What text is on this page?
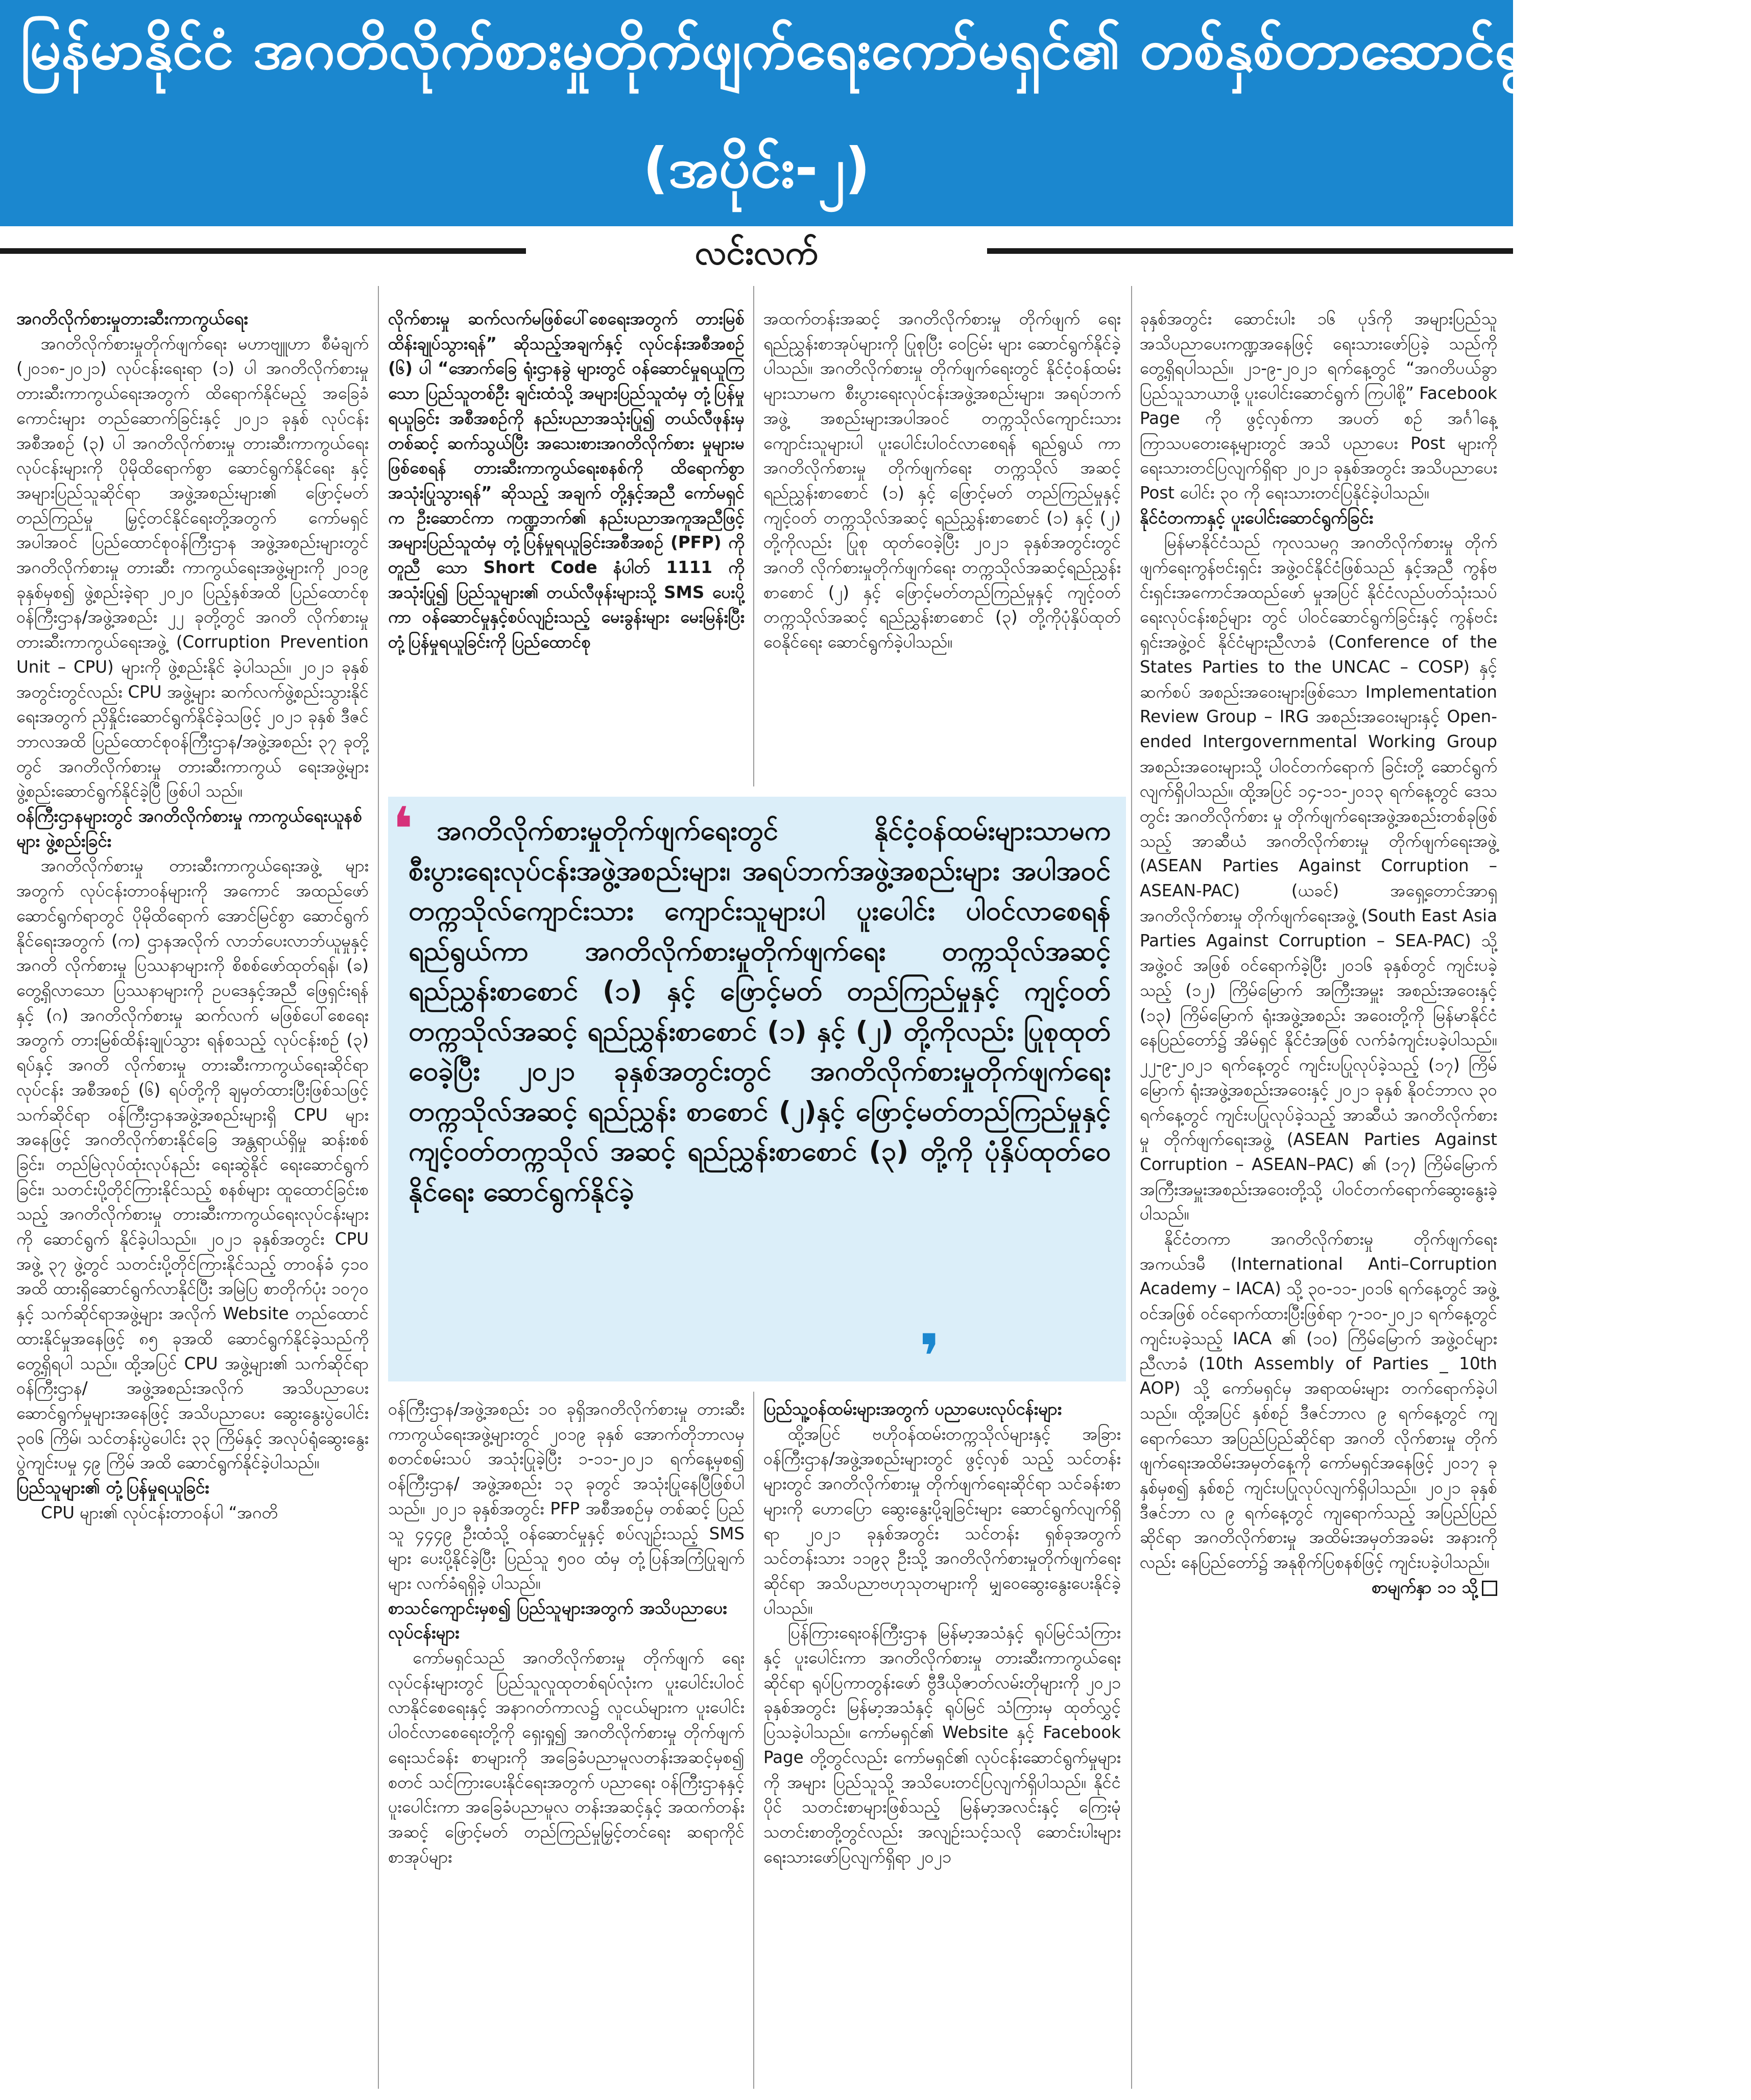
မြန်မာနိုင်ငံ အဂတိလိုက်စားမှုတိုက်ဖျက်ရေးကော်မရှင်၏ တစ်နှစ်တာဆောင်ရွက်ချက်များ
(အပိုင်း-၂)
လင်းလက်
အဂတိလိုက်စားမှုတားဆီးကာကွယ်ရေး

အဂတိလိုက်စားမှုတိုက်ဖျက်ရေး မဟာဗျူဟာ စီမံချက် (၂၀၁၈-၂၀၂၁) လုပ်ငန်းရေးရာ (၁) ပါ အဂတိလိုက်စားမှု တားဆီးကာကွယ်ရေးအတွက် ထိရောက်နိုင်မည့် အခြေခံကောင်းများ တည်ဆောက်ခြင်းနှင့် ၂၀၂၁ ခုနှစ် လုပ်ငန်းအစီအစဉ် (၃) ပါ အဂတိလိုက်စားမှု တားဆီးကာကွယ်ရေး လုပ်ငန်းများကို ပိုမိုထိရောက်စွာ ဆောင်ရွက်နိုင်ရေး နှင့် အများပြည်သူဆိုင်ရာ အဖွဲ့အစည်းများ၏ ဖြောင့်မတ်တည်ကြည်မှု မြှင့်တင်နိုင်ရေးတို့အတွက် ကော်မရှင်အပါအဝင် ပြည်ထောင်စုဝန်ကြီးဌာန အဖွဲ့အစည်းများတွင် အဂတိလိုက်စားမှု တားဆီး ကာကွယ်ရေးအဖွဲ့များကို ၂၀၁၉ ခုနှစ်မှစ၍ ဖွဲ့စည်းခဲ့ရာ ၂၀၂၀ ပြည့်နှစ်အထိ ပြည်ထောင်စု ဝန်ကြီးဌာန/အဖွဲ့အစည်း ၂၂ ခုတို့တွင် အဂတိ လိုက်စားမှု တားဆီးကာကွယ်ရေးအဖွဲ့ (Corruption Prevention Unit – CPU) များကို ဖွဲ့စည်းနိုင် ခဲ့ပါသည်။ ၂၀၂၁ ခုနှစ်အတွင်းတွင်လည်း CPU အဖွဲ့များ ဆက်လက်ဖွဲ့စည်းသွားနိုင်ရေးအတွက် ညှိနှိုင်းဆောင်ရွက်နိုင်ခဲ့သဖြင့် ၂၀၂၁ ခုနှစ် ဒီဇင် ဘာလအထိ ပြည်ထောင်စုဝန်ကြီးဌာန/အဖွဲ့အစည်း ၃၇ ခုတို့တွင် အဂတိလိုက်စားမှု တားဆီးကာကွယ် ရေးအဖွဲ့များ ဖွဲ့စည်းဆောင်ရွက်နိုင်ခဲ့ပြီ ဖြစ်ပါ သည်။

ဝန်ကြီးဌာနများတွင် အဂတိလိုက်စားမှု ကာကွယ်ရေးယူနစ်များ ဖွဲ့စည်းခြင်း

အဂတိလိုက်စားမှု တားဆီးကာကွယ်ရေးအဖွဲ့ များအတွက် လုပ်ငန်းတာဝန်များကို အကောင် အထည်ဖော်ဆောင်ရွက်ရာတွင် ပိုမိုထိရောက် အောင်မြင်စွာ ဆောင်ရွက်နိုင်ရေးအတွက် (က) ဌာနအလိုက် လာဘ်ပေးလာဘ်ယူမှုနှင့် အဂတိ လိုက်စားမှု ပြဿနာများကို စိစစ်ဖော်ထုတ်ရန်၊ (ခ) တွေ့ရှိလာသော ပြဿနာများကို ဥပဒေနှင့်အညီ ဖြေရှင်းရန်နှင့် (ဂ) အဂတိလိုက်စားမှု ဆက်လက် မဖြစ်ပေါ်စေရေးအတွက် တားမြစ်ထိန်းချုပ်သွား ရန်စသည့် လုပ်ငန်းစဉ် (၃) ရပ်နှင့် အဂတိ လိုက်စားမှု တားဆီးကာကွယ်ရေးဆိုင်ရာ လုပ်ငန်း အစီအစဉ် (၆) ရပ်တို့ကို ချမှတ်ထားပြီးဖြစ်သဖြင့် သက်ဆိုင်ရာ ဝန်ကြီးဌာနအဖွဲ့အစည်းများရှိ CPU များအနေဖြင့် အဂတိလိုက်စားနိုင်ခြေ အန္တရာယ်ရှိမှု ဆန်းစစ်ခြင်း၊ တည်မြဲလုပ်ထုံးလုပ်နည်း ရေးဆွဲနိုင် ရေးဆောင်ရွက်ခြင်း၊ သတင်းပို့တိုင်ကြားနိုင်သည့် စနစ်များ ထူထောင်ခြင်းစသည့် အဂတိလိုက်စားမှု တားဆီးကာကွယ်ရေးလုပ်ငန်းများကို ဆောင်ရွက် နိုင်ခဲ့ပါသည်။ ၂၀၂၁ ခုနှစ်အတွင်း CPU အဖွဲ့ ၃၇ ဖွဲ့တွင် သတင်းပို့တိုင်ကြားနိုင်သည့် တာဝန်ခံ ၄၁၀ အထိ ထားရှိဆောင်ရွက်လာနိုင်ပြီး အမြဲပြ စာတိုက်ပုံး ၁၀၇၀ နှင့် သက်ဆိုင်ရာအဖွဲ့များ အလိုက် Website တည်ထောင်ထားနိုင်မှုအနေဖြင့် ၈၅ ခုအထိ ဆောင်ရွက်နိုင်ခဲ့သည်ကို တွေ့ရှိရပါ သည်။ ထို့အပြင် CPU အဖွဲ့များ၏ သက်ဆိုင်ရာ ဝန်ကြီးဌာန/ အဖွဲ့အစည်းအလိုက် အသိပညာပေး ဆောင်ရွက်မှုများအနေဖြင့် အသိပညာပေး ဆွေးနွေးပွဲပေါင်း ၃၀၆ ကြိမ်၊ သင်တန်းပွဲပေါင်း ၃၃ ကြိမ်နှင့် အလုပ်ရုံဆွေးနွေးပွဲကျင်းပမှု ၄၉ ကြိမ် အထိ ဆောင်ရွက်နိုင်ခဲ့ပါသည်။

ပြည်သူများ၏ တုံ့ပြန်မှုရယူခြင်း

CPU များ၏ လုပ်ငန်းတာဝန်ပါ “အဂတိ

လိုက်စားမှု ဆက်လက်မဖြစ်ပေါ်စေရေးအတွက် တားမြစ်ထိန်းချုပ်သွားရန်” ဆိုသည့်အချက်နှင့် လုပ်ငန်းအစီအစဉ် (၆) ပါ “အောက်ခြေ ရုံးဌာနခွဲ များတွင် ဝန်ဆောင်မှုရယူကြသော ပြည်သူတစ်ဦး ချင်းထံသို့ အများပြည်သူထံမှ တုံ့ပြန်မှုရယူခြင်း အစီအစဉ်ကို နည်းပညာအသုံးပြု၍ တယ်လီဖုန်းမှ တစ်ဆင့် ဆက်သွယ်ပြီး အသေးစားအဂတိလိုက်စား မှုများမဖြစ်စေရန် တားဆီးကာကွယ်ရေးစနစ်ကို ထိရောက်စွာ အသုံးပြုသွားရန်” ဆိုသည့် အချက် တို့နှင့်အညီ ကော်မရှင်က ဦးဆောင်ကာ ကဏ္ဍဘက်၏ နည်းပညာအကူအညီဖြင့် အများပြည်သူထံမှ တုံ့ပြန်မှုရယူခြင်းအစီအစဉ် (PFP) ကို တူညီ သော Short Code နံပါတ် 1111 ကို အသုံးပြု၍ ပြည်သူများ၏ တယ်လီဖုန်းများသို့ SMS ပေးပို့ ကာ ဝန်ဆောင်မှုနှင့်စပ်လျဉ်းသည့် မေးခွန်းများ မေးမြန်းပြီး တုံ့ပြန်မှုရယူခြင်းကို ပြည်ထောင်စု

အထက်တန်းအဆင့် အဂတိလိုက်စားမှု တိုက်ဖျက် ရေး ရည်ညွှန်းစာအုပ်များကို ပြုစုပြီး ဝေငြမ်း များ ဆောင်ရွက်နိုင်ခဲ့ပါသည်။ အဂတိလိုက်စားမှု တိုက်ဖျက်ရေးတွင် နိုင်ငံ့ဝန်ထမ်းများသာမက စီးပွားရေးလုပ်ငန်းအဖွဲ့အစည်းများ၊ အရပ်ဘက်အဖွဲ့ အစည်းများအပါအဝင် တက္ကသိုလ်ကျောင်းသား ကျောင်းသူများပါ ပူးပေါင်းပါဝင်လာစေရန် ရည်ရွယ် ကာ အဂတိလိုက်စားမှု တိုက်ဖျက်ရေး တက္ကသိုလ် အဆင့် ရည်ညွှန်းစာစောင် (၁) နှင့် ဖြောင့်မတ် တည်ကြည်မှုနှင့် ကျင့်ဝတ် တက္ကသိုလ်အဆင့် ရည်ညွှန်းစာစောင် (၁) နှင့် (၂) တို့ကိုလည်း ပြုစု ထုတ်ဝေခဲ့ပြီး ၂၀၂၁ ခုနှစ်အတွင်းတွင် အဂတိ လိုက်စားမှုတိုက်ဖျက်ရေး တက္ကသိုလ်အဆင့်ရည်ညွှန်း စာစောင် (၂) နှင့် ဖြောင့်မတ်တည်ကြည်မှုနှင့် ကျင့်ဝတ်တက္ကသိုလ်အဆင့် ရည်ညွှန်းစာစောင် (၃) တို့ကိုပုံနှိပ်ထုတ်ဝေနိုင်ရေး ဆောင်ရွက်ခဲ့ပါသည်။

❛ အဂတိလိုက်စားမှုတိုက်ဖျက်ရေးတွင် နိုင်ငံ့ဝန်ထမ်းများသာမက စီးပွားရေးလုပ်ငန်းအဖွဲ့အစည်းများ၊ အရပ်ဘက်အဖွဲ့အစည်းများ အပါအဝင် တက္ကသိုလ်ကျောင်းသား ကျောင်းသူများပါ ပူးပေါင်း ပါဝင်လာစေရန်ရည်ရွယ်ကာ အဂတိလိုက်စားမှုတိုက်ဖျက်ရေး တက္ကသိုလ်အဆင့် ရည်ညွှန်းစာစောင် (၁) နှင့် ဖြောင့်မတ် တည်ကြည်မှုနှင့် ကျင့်ဝတ်တက္ကသိုလ်အဆင့် ရည်ညွှန်းစာစောင် (၁) နှင့် (၂) တို့ကိုလည်း ပြုစုထုတ်ဝေခဲ့ပြီး ၂၀၂၁ ခုနှစ်အတွင်းတွင် အဂတိလိုက်စားမှုတိုက်ဖျက်ရေး တက္ကသိုလ်အဆင့် ရည်ညွှန်း စာစောင် (၂)နှင့် ဖြောင့်မတ်တည်ကြည်မှုနှင့် ကျင့်ဝတ်တက္ကသိုလ် အဆင့် ရည်ညွှန်းစာစောင် (၃) တို့ကို ပုံနှိပ်ထုတ်ဝေနိုင်ရေး ဆောင်ရွက်နိုင်ခဲ့
❜

ဝန်ကြီးဌာန/အဖွဲ့အစည်း ၁၀ ခုရှိအဂတိလိုက်စားမှု တားဆီးကာကွယ်ရေးအဖွဲ့များတွင် ၂၀၁၉ ခုနှစ် အောက်တိုဘာလမှ စတင်စမ်းသပ် အသုံးပြုခဲ့ပြီး ၁-၁၁-၂၀၂၁ ရက်နေ့မှစ၍ ဝန်ကြီးဌာန/ အဖွဲ့အစည်း ၁၃ ခုတွင် အသုံးပြုနေပြီဖြစ်ပါ သည်။ ၂၀၂၁ ခုနှစ်အတွင်း PFP အစီအစဉ်မှ တစ်ဆင့် ပြည်သူ ၄၄၄၉ ဦးထံသို့ ဝန်ဆောင်မှုနှင့် စပ်လျဉ်းသည့် SMS များ ပေးပို့နိုင်ခဲ့ပြီး ပြည်သူ ၅၀၀ ထံမှ တုံ့ပြန်အကြံပြုချက်များ လက်ခံရရှိခဲ့ ပါသည်။

စာသင်ကျောင်းမှစ၍ ပြည်သူများအတွက် အသိပညာပေးလုပ်ငန်းများ

ကော်မရှင်သည် အဂတိလိုက်စားမှု တိုက်ဖျက် ရေးလုပ်ငန်းများတွင် ပြည်သူလူထုတစ်ရပ်လုံးက ပူးပေါင်းပါဝင်လာနိုင်စေရေးနှင့် အနာဂတ်ကာလ၌ လူငယ်များက ပူးပေါင်းပါဝင်လာစေရေးတို့ကို ရှေးရှု၍ အဂတိလိုက်စားမှု တိုက်ဖျက်ရေးသင်ခန်း စာများကို အခြေခံပညာမူလတန်းအဆင့်မှစ၍ စတင် သင်ကြားပေးနိုင်ရေးအတွက် ပညာရေး ဝန်ကြီးဌာနနှင့် ပူးပေါင်းကာ အခြေခံပညာမူလ တန်းအဆင့်နှင့် အထက်တန်းအဆင့် ဖြောင့်မတ် တည်ကြည်မှုမြှင့်တင်ရေး ဆရာကိုင်စာအုပ်များ

ပြည်သူ့ဝန်ထမ်းများအတွက် ပညာပေးလုပ်ငန်းများ

ထို့အပြင် ဗဟိုဝန်ထမ်းတက္ကသိုလ်များနှင့် အခြားဝန်ကြီးဌာန/အဖွဲ့အစည်းများတွင် ဖွင့်လှစ် သည့် သင်တန်းများတွင် အဂတိလိုက်စားမှု တိုက်ဖျက်ရေးဆိုင်ရာ သင်ခန်းစာများကို ဟောပြော ဆွေးနွေးပို့ချခြင်းများ ဆောင်ရွက်လျက်ရှိရာ ၂၀၂၁ ခုနှစ်အတွင်း သင်တန်း ရှစ်ခုအတွက် သင်တန်းသား ၁၁၉၃ ဦးသို့ အဂတိလိုက်စားမှုတိုက်ဖျက်ရေးဆိုင်ရာ အသိပညာဗဟုသုတများကို မျှဝေဆွေးနွေးပေးနိုင်ခဲ့ ပါသည်။

ပြန်ကြားရေးဝန်ကြီးဌာန မြန်မာ့အသံနှင့် ရုပ်မြင်သံကြားနှင့် ပူးပေါင်းကာ အဂတိလိုက်စားမှု တားဆီးကာကွယ်ရေးဆိုင်ရာ ရုပ်ပြကာတွန်းဖော် ဗွီဒီယိုဇာတ်လမ်းတိုများကို ၂၀၂၁ ခုနှစ်အတွင်း မြန်မာ့အသံနှင့် ရုပ်မြင် သံကြားမှ ထုတ်လွှင့်ပြသခဲ့ပါသည်။ ကော်မရှင်၏ Website နှင့် Facebook Page တို့တွင်လည်း ကော်မရှင်၏ လုပ်ငန်းဆောင်ရွက်မှုများကို အများ ပြည်သူသို့ အသိပေးတင်ပြလျက်ရှိပါသည်။ နိုင်ငံပိုင် သတင်းစာများဖြစ်သည့် မြန်မာ့အလင်းနှင့် ကြေးမုံ သတင်းစာတို့တွင်လည်း အလျဉ်းသင့်သလို ဆောင်းပါးများ ရေးသားဖော်ပြလျက်ရှိရာ ၂၀၂၁

ခုနှစ်အတွင်း ဆောင်းပါး ၁၆ ပုဒ်ကို အများပြည်သူ အသိပညာပေးကဏ္ဍအနေဖြင့် ရေးသားဖော်ပြခဲ့ သည်ကို တွေ့ရှိရပါသည်။ ၂၁-၉-၂၀၂၁ ရက်နေ့တွင် “အဂတိပယ်ခွာ ပြည်သူသာယာဖို့ ပူးပေါင်းဆောင်ရွက် ကြပါစို့” Facebook Page ကို ဖွင့်လှစ်ကာ အပတ် စဉ် အင်္ဂါနေ့ ကြာသပတေးနေ့များတွင် အသိ ပညာပေး Post များကို ရေးသားတင်ပြလျက်ရှိရာ ၂၀၂၁ ခုနှစ်အတွင်း အသိပညာပေး Post ပေါင်း ၃၀ ကို ရေးသားတင်ပြနိုင်ခဲ့ပါသည်။

နိုင်ငံတကာနှင့် ပူးပေါင်းဆောင်ရွက်ခြင်း

မြန်မာနိုင်ငံသည် ကုလသမဂ္ဂ အဂတိလိုက်စားမှု တိုက်ဖျက်ရေးကွန်ဗင်းရှင်း အဖွဲ့ဝင်နိုင်ငံဖြစ်သည် နှင့်အညီ ကွန်ဗင်းရှင်းအကောင်အထည်ဖော် မှုအပြင် နိုင်ငံလည်ပတ်သုံးသပ်ရေးလုပ်ငန်းစဉ်များ တွင် ပါဝင်ဆောင်ရွက်ခြင်းနှင့် ကွန်ဗင်းရှင်းအဖွဲ့ဝင် နိုင်ငံများညီလာခံ (Conference of the States Parties to the UNCAC – COSP) နှင့် ဆက်စပ် အစည်းအဝေးများဖြစ်သော Implementation Review Group – IRG အစည်းအဝေးများနှင့် Open-ended Intergovernmental Working Group အစည်းအဝေးများသို့ ပါဝင်တက်ရောက် ခြင်းတို့ ဆောင်ရွက်လျက်ရှိပါသည်။ ထို့အပြင် ၁၄-၁၁-၂၀၁၃ ရက်နေ့တွင် ဒေသတွင်း အဂတိလိုက်စား မှု တိုက်ဖျက်ရေးအဖွဲ့အစည်းတစ်ခုဖြစ်သည့် အာဆီယံ အဂတိလိုက်စားမှု တိုက်ဖျက်ရေးအဖွဲ့ (ASEAN Parties Against Corruption – ASEAN-PAC) (ယခင်) အရှေ့တောင်အာရှ အဂတိလိုက်စားမှု တိုက်ဖျက်ရေးအဖွဲ့ (South East Asia Parties Against Corruption – SEA-PAC) သို့ အဖွဲ့ဝင် အဖြစ် ဝင်ရောက်ခဲ့ပြီး ၂၀၁၆ ခုနှစ်တွင် ကျင်းပခဲ့သည့် (၁၂) ကြိမ်မြောက် အကြီးအမှူး အစည်းအဝေးနှင့် (၁၃) ကြိမ်မြောက် ရုံးအဖွဲ့အစည်း အဝေးတို့ကို မြန်မာနိုင်ငံ နေပြည်တော်၌ အိမ်ရှင် နိုင်ငံအဖြစ် လက်ခံကျင်းပခဲ့ပါသည်။ ၂၂-၉-၂၀၂၁ ရက်နေ့တွင် ကျင်းပပြုလုပ်ခဲ့သည့် (၁၇) ကြိမ်မြောက် ရုံးအဖွဲ့အစည်းအဝေးနှင့် ၂၀၂၁ ခုနှစ် နိုဝင်ဘာလ ၃၀ ရက်နေ့တွင် ကျင်းပပြုလုပ်ခဲ့သည့် အာဆီယံ အဂတိလိုက်စားမှု တိုက်ဖျက်ရေးအဖွဲ့ (ASEAN Parties Against Corruption – ASEAN–PAC) ၏ (၁၇) ကြိမ်မြောက် အကြီးအမှူးအစည်းအဝေးတို့သို့ ပါဝင်တက်ရောက်ဆွေးနွေးခဲ့ပါသည်။

နိုင်ငံတကာ အဂတိလိုက်စားမှု တိုက်ဖျက်ရေး အကယ်ဒမီ (International Anti–Corruption Academy – IACA) သို့ ၃၀-၁၁-၂၀၁၆ ရက်နေ့တွင် အဖွဲ့ဝင်အဖြစ် ဝင်ရောက်ထားပြီးဖြစ်ရာ ၇-၁၀-၂၀၂၁ ရက်နေ့တွင် ကျင်းပခဲ့သည့် IACA ၏ (၁၀) ကြိမ်မြောက် အဖွဲ့ဝင်များညီလာခံ (10th Assembly of Parties _ 10th AOP) သို့ ကော်မရှင်မှ အရာထမ်းများ တက်ရောက်ခဲ့ပါ သည်။ ထို့အပြင် နှစ်စဉ် ဒီဇင်ဘာလ ၉ ရက်နေ့တွင် ကျရောက်သော အပြည်ပြည်ဆိုင်ရာ အဂတိ လိုက်စားမှု တိုက်ဖျက်ရေးအထိမ်းအမှတ်နေ့ကို ကော်မရှင်အနေဖြင့် ၂၀၁၇ ခုနှစ်မှစ၍ နှစ်စဉ် ကျင်းပပြုလုပ်လျက်ရှိပါသည်။ ၂၀၂၁ ခုနှစ် ဒီဇင်ဘာ လ ၉ ရက်နေ့တွင် ကျရောက်သည့် အပြည်ပြည် ဆိုင်ရာ အဂတိလိုက်စားမှု အထိမ်းအမှတ်အခမ်း အနားကိုလည်း နေပြည်တော်၌ အနုစိုက်ပြစနစ်ဖြင့် ကျင်းပခဲ့ပါသည်။

စာမျက်နှာ ၁၁ သို့
